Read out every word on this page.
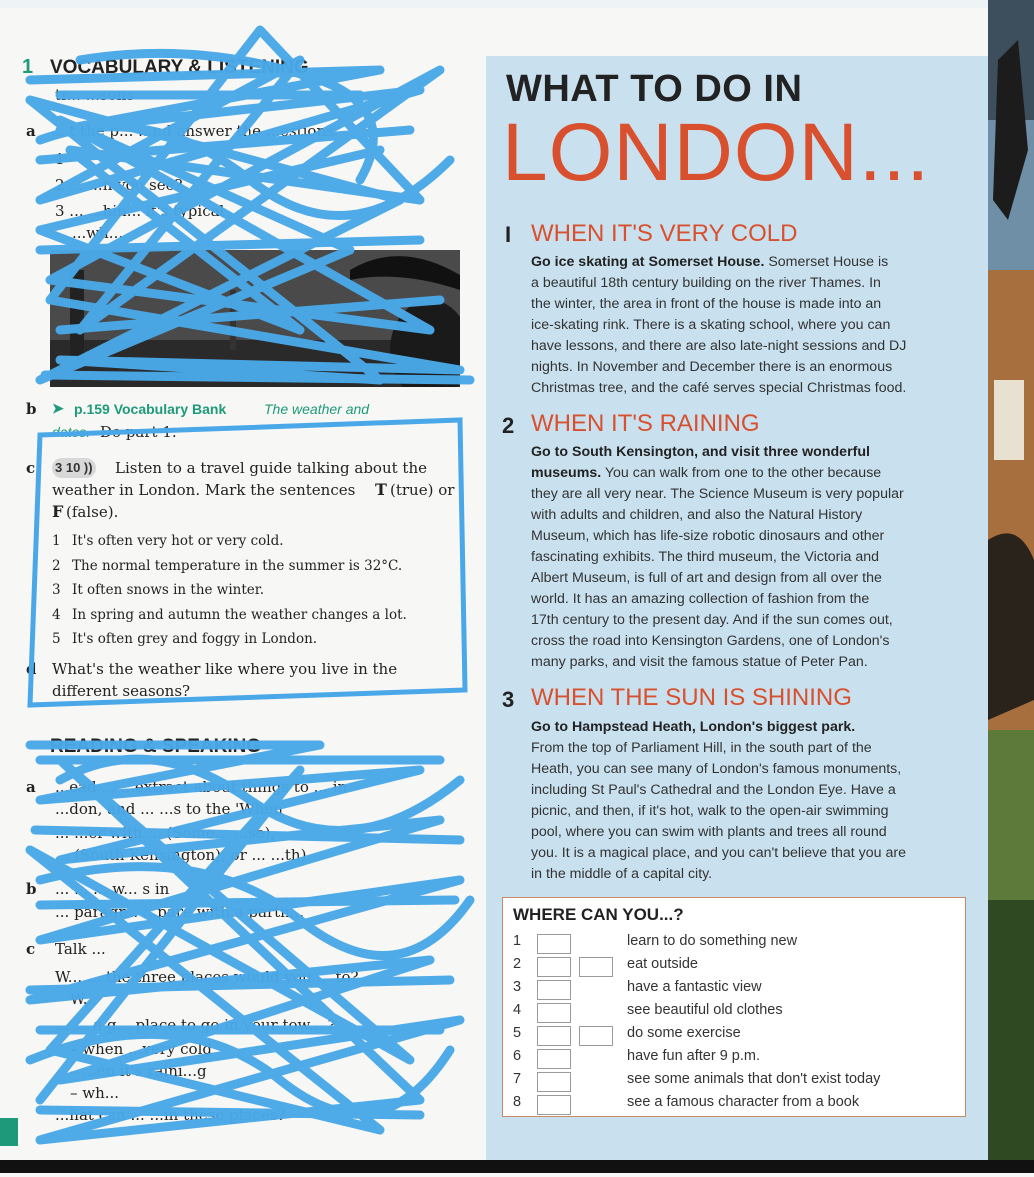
1 VOCABULARY & LISTENING
tr... ...sons
a ...t the p... ...nd answer the ...estions.
1
2 ... ...n you see?
3 ... ...hin... it's typical
...wh...
b ➤ p.159 Vocabulary Bank	The weather and
dates. Do part 1.
c 3 10 )) Listen to a travel guide talking about the
weather in London. Mark the sentences T (true) or
F (false).
1 It's often very hot or very cold.
2 The normal temperature in the summer is 32°C.
3 It often snows in the winter.
4 In spring and autumn the weather changes a lot.
5 It's often grey and foggy in London.
d What's the weather like where you live in the
different seasons?
READING & SPEAKING
a ...ead ... ...extract about things to ... in
...don, and ... ...s to the 'When
... ...er with ... (Some... ...se),
... (South Kensington), or ... ...th).
b ... ... ... w... s in
... paragr... ...pare with a partn...
c Talk ...
W... ... the three places would you ... to?
W...
... ... a g... place to go in your tow... ?
– when ...very cold
– ...en it's raini...g
– wh...
...hat can ... ...in these places?
WHAT TO DO IN
LONDON...
I WHEN IT'S VERY COLD
Go ice skating at Somerset House. Somerset House is
a beautiful 18th century building on the river Thames. In
the winter, the area in front of the house is made into an
ice-skating rink. There is a skating school, where you can
have lessons, and there are also late-night sessions and DJ
nights. In November and December there is an enormous
Christmas tree, and the café serves special Christmas food.
2 WHEN IT'S RAINING
Go to South Kensington, and visit three wonderful
museums. You can walk from one to the other because
they are all very near. The Science Museum is very popular
with adults and children, and also the Natural History
Museum, which has life-size robotic dinosaurs and other
fascinating exhibits. The third museum, the Victoria and
Albert Museum, is full of art and design from all over the
world. It has an amazing collection of fashion from the
17th century to the present day. And if the sun comes out,
cross the road into Kensington Gardens, one of London's
many parks, and visit the famous statue of Peter Pan.
3 WHEN THE SUN IS SHINING
Go to Hampstead Heath, London's biggest park.
From the top of Parliament Hill, in the south part of the
Heath, you can see many of London's famous monuments,
including St Paul's Cathedral and the London Eye. Have a
picnic, and then, if it's hot, walk to the open-air swimming
pool, where you can swim with plants and trees all round
you. It is a magical place, and you can't believe that you are
in the middle of a capital city.
WHERE CAN YOU...?
1	learn to do something new
2	eat outside
3	have a fantastic view
4	see beautiful old clothes
5	do some exercise
6	have fun after 9 p.m.
7	see some animals that don't exist today
8	see a famous character from a book
